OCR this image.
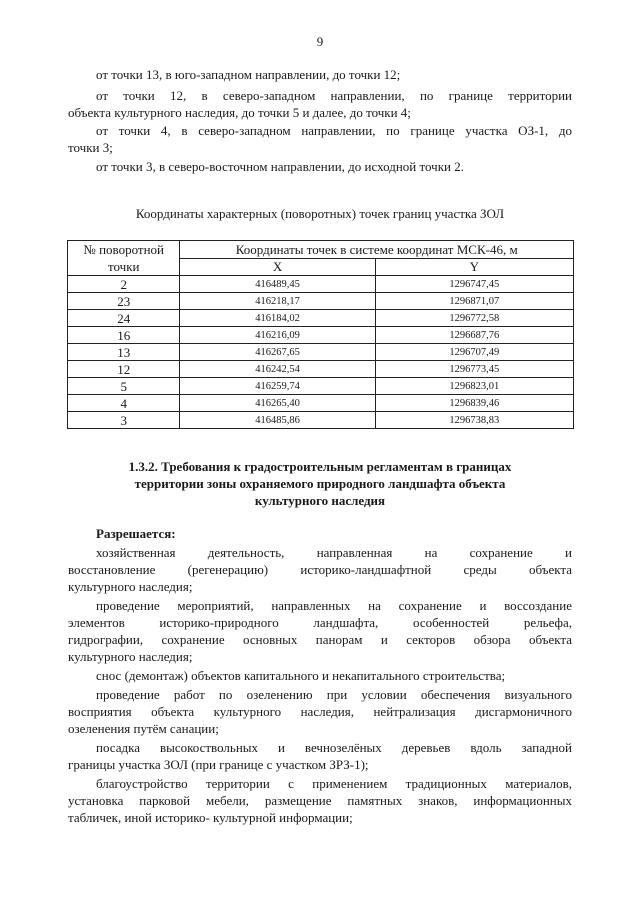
9

от точки 13, в юго-западном направлении, до точки 12;

от точки 12, в северо-западном направлении, по границе территории

объекта культурного наследия, до точки 5 и далее, до точки 4;

от точки 4, в северо-западном направлении, по границе участка ОЗ-1, до

точки 3;

от точки 3, в северо-восточном направлении, до исходной точки 2.

Координаты характерных (поворотных) точек границ участка ЗОЛ
№ поворотной точки	Координаты точек в системе координат МСК-46, м	
	X	Y
2	416489,45	1296747,45
23	416218,17	1296871,07
24	416184,02	1296772,58
16	416216,09	1296687,76
13	416267,65	1296707,49
12	416242,54	1296773,45
5	416259,74	1296823,01
4	416265,40	1296839,46
3	416485,86	1296738,83
1.3.2. Требования к градостроительным регламентам в границах
территории зоны охраняемого природного ландшафта объекта
культурного наследия
Разрешается:

хозяйственная деятельность, направленная на сохранение и

восстановление (регенерацию) историко-ландшафтной среды объекта

культурного наследия;

проведение мероприятий, направленных на сохранение и воссоздание

элементов историко-природного ландшафта, особенностей рельефа,

гидрографии, сохранение основных панорам и секторов обзора объекта

культурного наследия;

снос (демонтаж) объектов капитального и некапитального строительства;

проведение работ по озеленению при условии обеспечения визуального

восприятия объекта культурного наследия, нейтрализация дисгармоничного

озеленения путём санации;

посадка высокоствольных и вечнозелёных деревьев вдоль западной

границы участка ЗОЛ (при границе с участком ЗРЗ-1);

благоустройство территории с применением традиционных материалов,

установка парковой мебели, размещение памятных знаков, информационных

табличек, иной историко- культурной информации;
